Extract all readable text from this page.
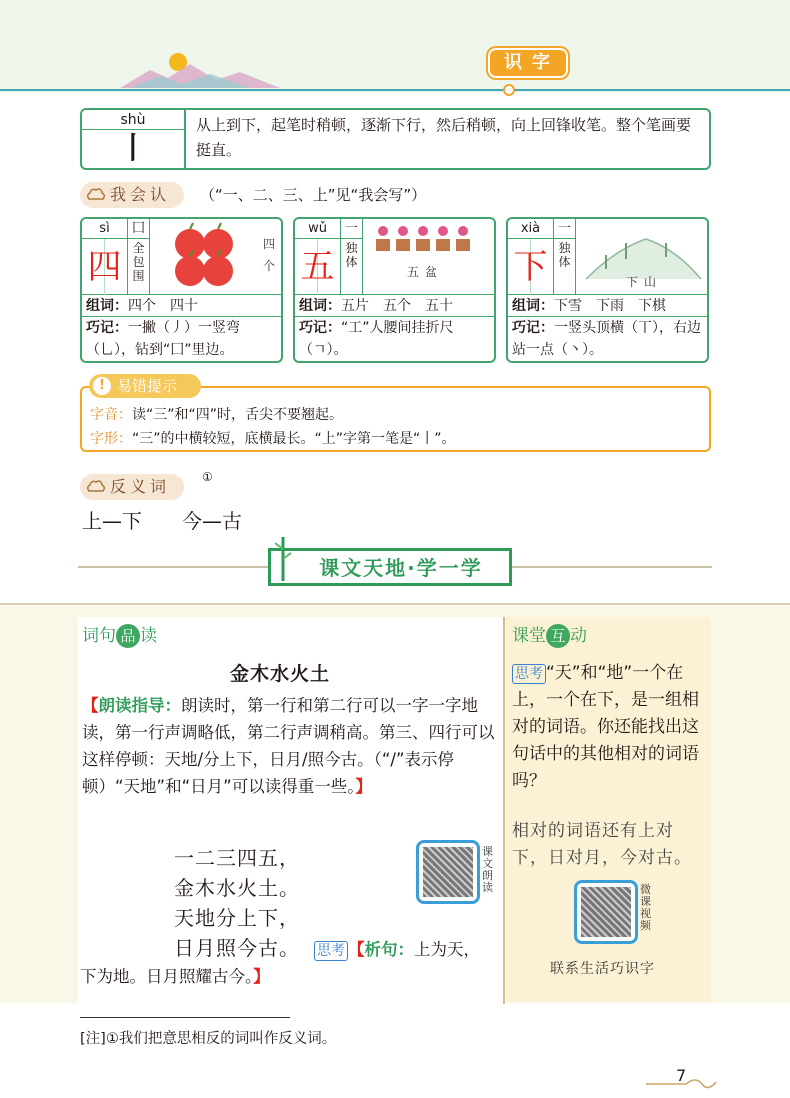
识字
shù
丨
从上到下，起笔时稍顿，逐渐下行，然后稍顿，向上回锋收笔。整个笔画要挺直。
我会认	（“一、二、三、上”见“我会写”）
sì
四
囗
全包围
四个
组词：四个　四十
巧记：一撇（丿）一竖弯（乚），钻到“囗”里边。
wǔ
五
一
独体
五盆
组词：五片　五个　五十
巧记：“工”人腰间挂折尺（ㄱ）。
xià
下
一
独体
下山
组词：下雪　下雨　下棋
巧记：一竖头顶横（丅），右边站一点（丶）。
字音：读“三”和“四”时，舌尖不要翘起。
字形：“三”的中横较短，底横最长。“上”字第一笔是“丨”。
! 易错提示
反义词	①
上—下　　今—古
课文天地·学一学
词句 品 读
金木水火土
【朗读指导：朗读时，第一行和第二行可以一字一字地读，第一行声调略低，第二行声调稍高。第三、四行可以这样停顿：天地/分上下，日月/照今古。（“/”表示停顿）“天地”和“日月”可以读得重一些。】
一二三四五，
金木水火土。
天地分上下，
日月照今古。 思考 【析句：上为天，
下为地。日月照耀古今。】
课文朗读
课堂 互 动
思考 “天”和“地”一个在上，一个在下，是一组相对的词语。你还能找出这句话中的其他相对的词语吗？
相对的词语还有上对下，日对月，今对古。
微课视频
联系生活巧识字
[注]①我们把意思相反的词叫作反义词。
7
